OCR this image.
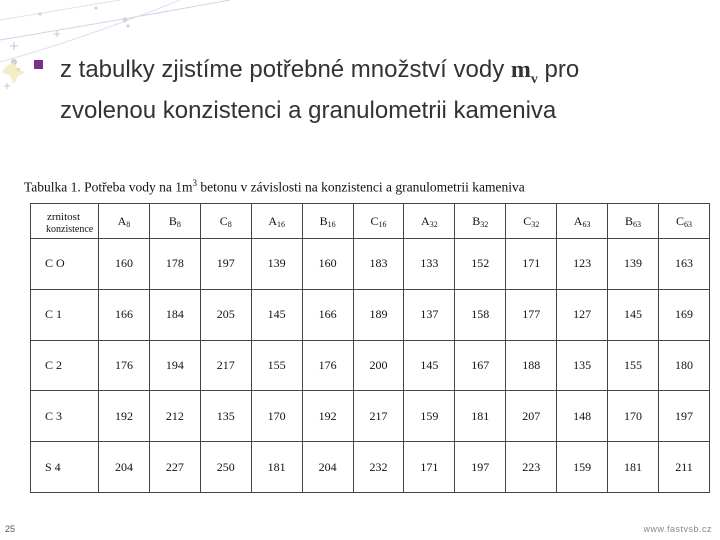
z tabulky zjistíme potřebné množství vody $m_v$ pro zvolenou konzistenci a granulometrii kameniva
Tabulka 1. Potřeba vody na $1m^3$ betonu v závislosti na konzistenci a granulometrii kameniva
zrnitost
konzistence	$A_8$	$B_8$	$C_8$	$A_{16}$	$B_{16}$	$C_{16}$	$A_{32}$	$B_{32}$	$C_{32}$	$A_{63}$	$B_{63}$	$C_{63}$

C O	160	178	197	139	160	183	133	152	171	123	139	163
C 1	166	184	205	145	166	189	137	158	177	127	145	169
C 2	176	194	217	155	176	200	145	167	188	135	155	180
C 3	192	212	135	170	192	217	159	181	207	148	170	197
S 4	204	227	250	181	204	232	171	197	223	159	181	211
25	www.fastvsb.cz
